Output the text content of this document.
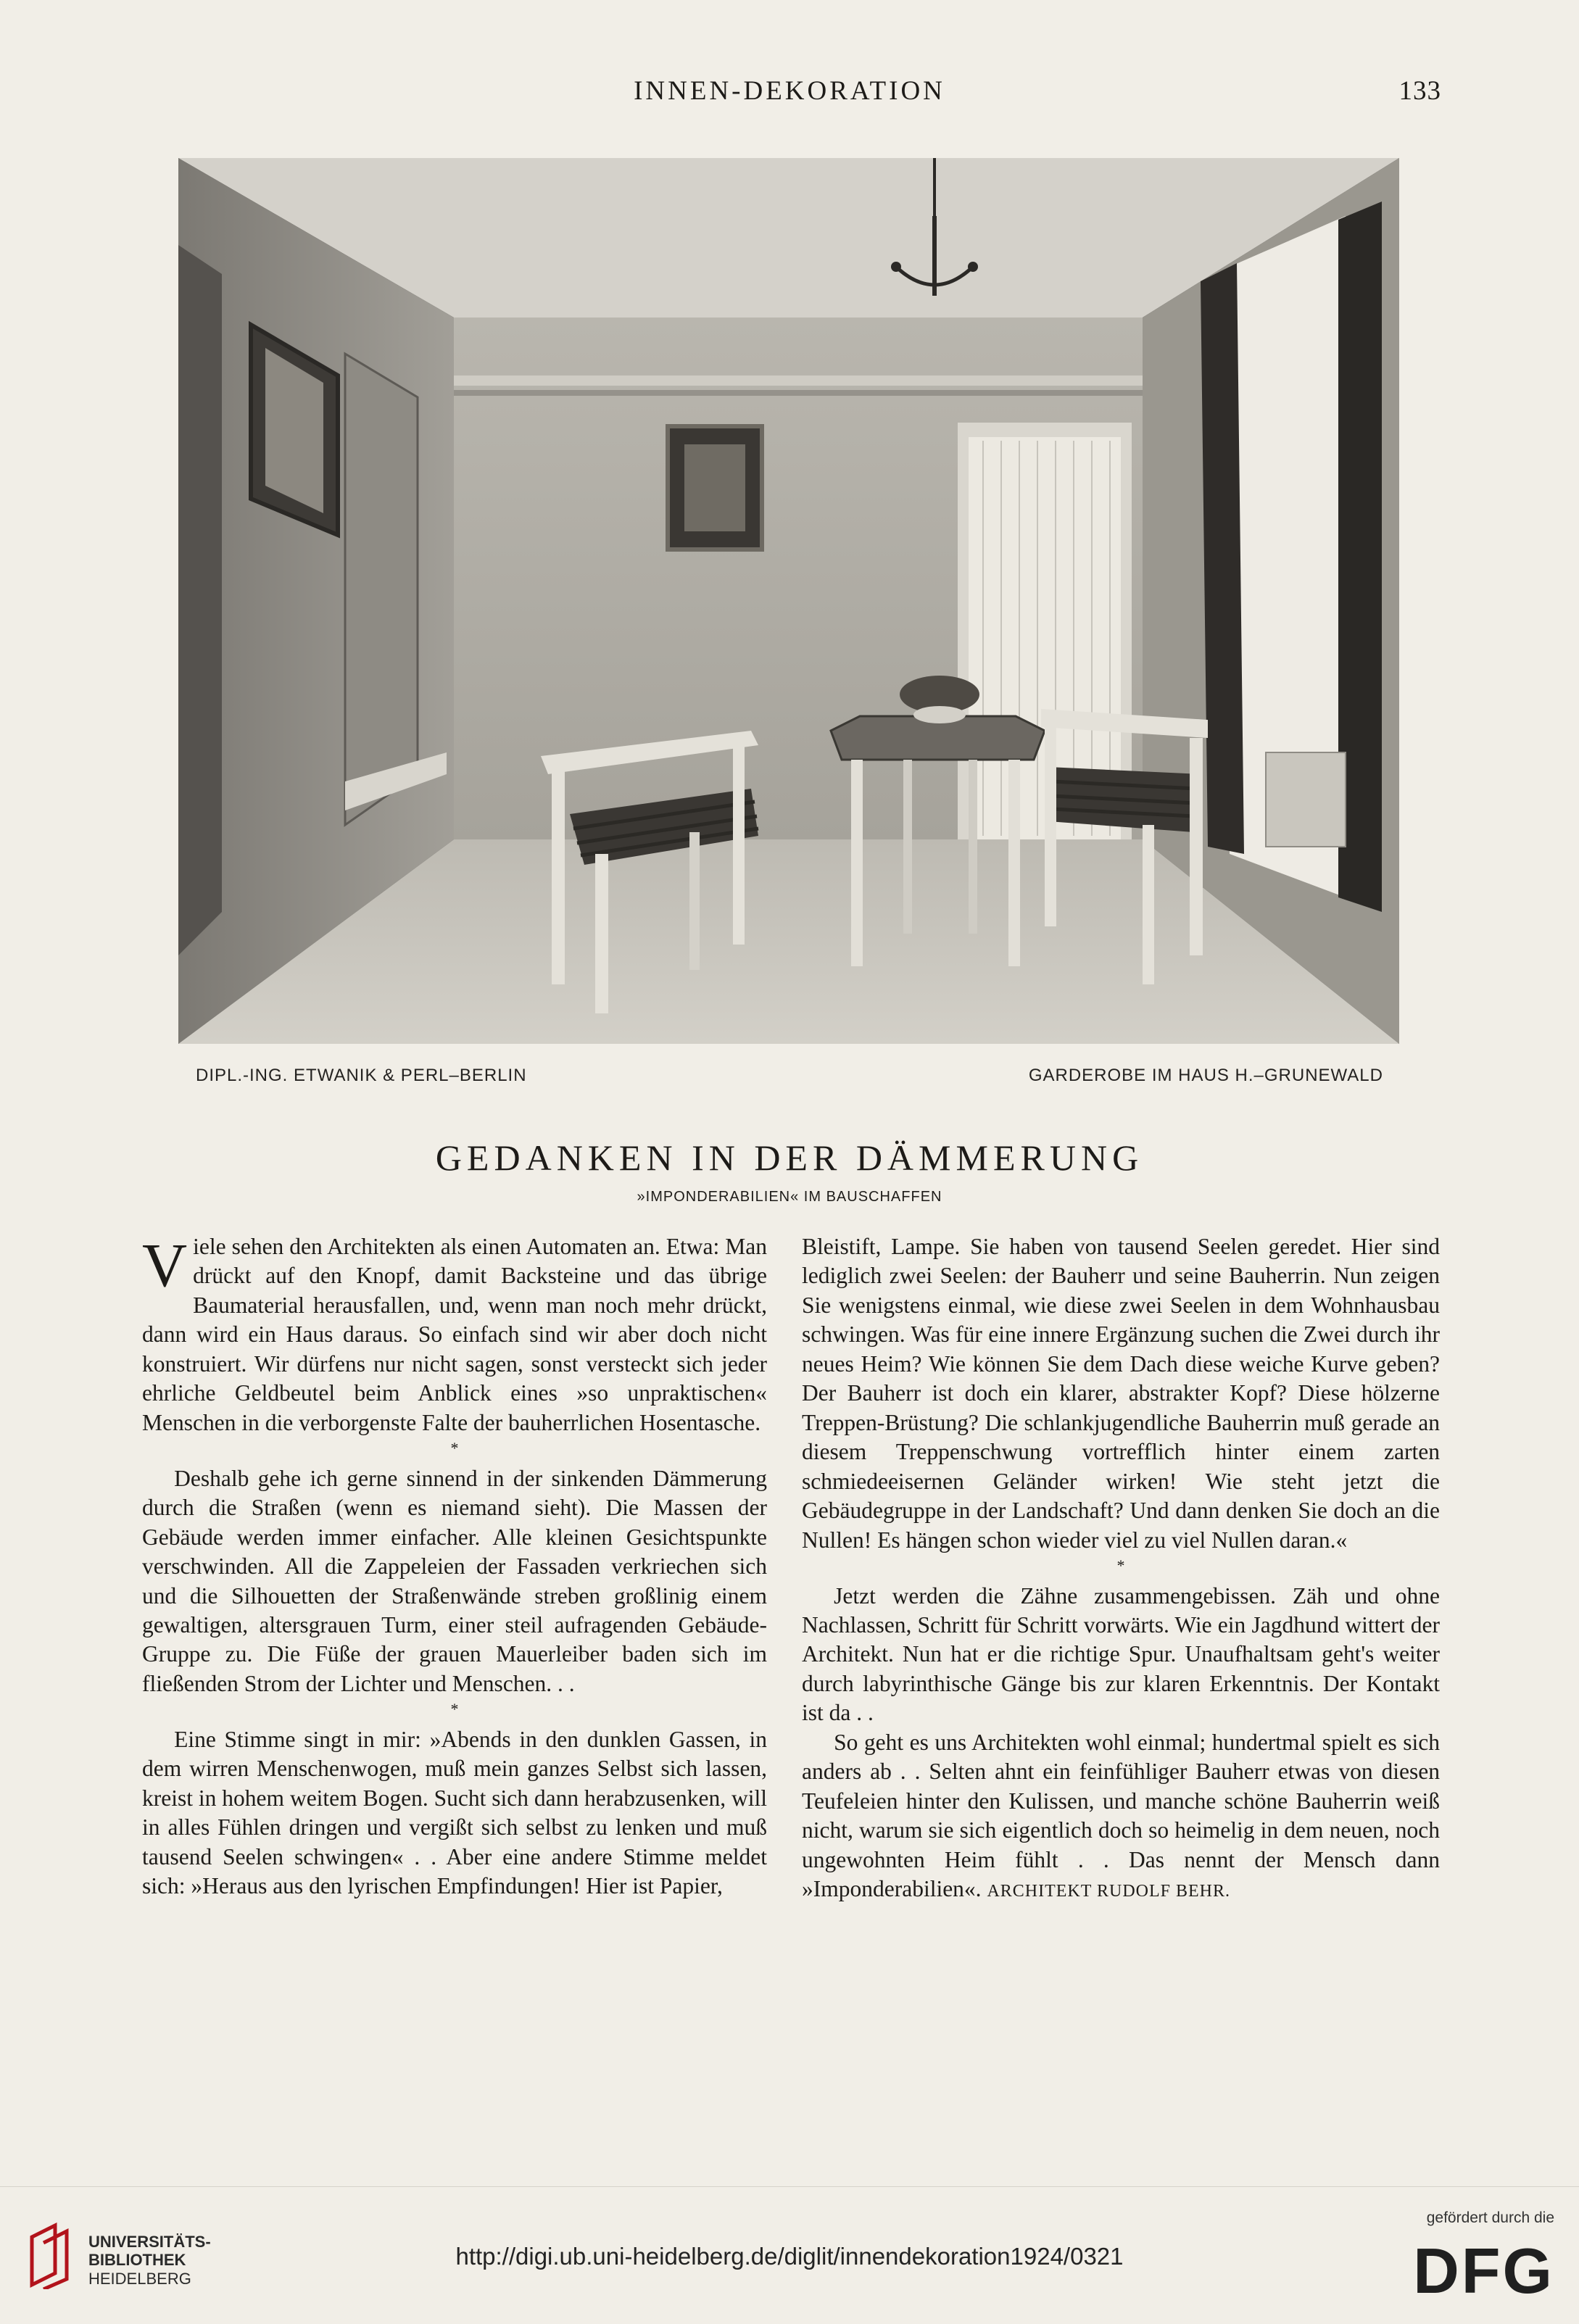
INNEN-DEKORATION	133
DIPL.-ING. ETWANIK & PERL–BERLIN	GARDEROBE IM HAUS H.–GRUNEWALD
GEDANKEN IN DER DÄMMERUNG
»IMPONDERABILIEN« IM BAUSCHAFFEN

Viele sehen den Architekten als einen Automaten an. Etwa: Man drückt auf den Knopf, damit Backsteine und das übrige Baumaterial herausfallen, und, wenn man noch mehr drückt, dann wird ein Haus daraus. So einfach sind wir aber doch nicht konstruiert. Wir dürfens nur nicht sagen, sonst versteckt sich jeder ehrliche Geldbeutel beim Anblick eines »so unpraktischen« Menschen in die verborgenste Falte der bauherrlichen Hosentasche.

*

Deshalb gehe ich gerne sinnend in der sinkenden Dämmerung durch die Straßen (wenn es niemand sieht). Die Massen der Gebäude werden immer einfacher. Alle kleinen Gesichtspunkte verschwinden. All die Zappeleien der Fassaden verkriechen sich und die Silhouetten der Straßenwände streben großlinig einem gewaltigen, altersgrauen Turm, einer steil aufragenden Gebäude-Gruppe zu. Die Füße der grauen Mauerleiber baden sich im fließenden Strom der Lichter und Menschen. . .

*

Eine Stimme singt in mir: »Abends in den dunklen Gassen, in dem wirren Menschenwogen, muß mein ganzes Selbst sich lassen, kreist in hohem weitem Bogen. Sucht sich dann herabzusenken, will in alles Fühlen dringen und vergißt sich selbst zu lenken und muß tausend Seelen schwingen« . . Aber eine andere Stimme meldet sich: »Heraus aus den lyrischen Empfindungen! Hier ist Papier,

Bleistift, Lampe. Sie haben von tausend Seelen geredet. Hier sind lediglich zwei Seelen: der Bauherr und seine Bauherrin. Nun zeigen Sie wenigstens einmal, wie diese zwei Seelen in dem Wohnhausbau schwingen. Was für eine innere Ergänzung suchen die Zwei durch ihr neues Heim? Wie können Sie dem Dach diese weiche Kurve geben? Der Bauherr ist doch ein klarer, abstrakter Kopf? Diese hölzerne Treppen-Brüstung? Die schlankjugendliche Bauherrin muß gerade an diesem Treppenschwung vortrefflich hinter einem zarten schmiedeeisernen Geländer wirken! Wie steht jetzt die Gebäudegruppe in der Landschaft? Und dann denken Sie doch an die Nullen! Es hängen schon wieder viel zu viel Nullen daran.«

*

Jetzt werden die Zähne zusammengebissen. Zäh und ohne Nachlassen, Schritt für Schritt vorwärts. Wie ein Jagdhund wittert der Architekt. Nun hat er die richtige Spur. Unaufhaltsam geht's weiter durch labyrinthische Gänge bis zur klaren Erkenntnis. Der Kontakt ist da . .

So geht es uns Architekten wohl einmal; hundertmal spielt es sich anders ab . . Selten ahnt ein feinfühliger Bauherr etwas von diesen Teufeleien hinter den Kulissen, und manche schöne Bauherrin weiß nicht, warum sie sich eigentlich doch so heimelig in dem neuen, noch ungewohnten Heim fühlt . . Das nennt der Mensch dann »Imponderabilien«. ARCHITEKT RUDOLF BEHR.

UNIVERSITÄTS-
BIBLIOTHEK
HEIDELBERG
http://digi.ub.uni-heidelberg.de/diglit/innendekoration1924/0321
gefördert durch die
DFG
